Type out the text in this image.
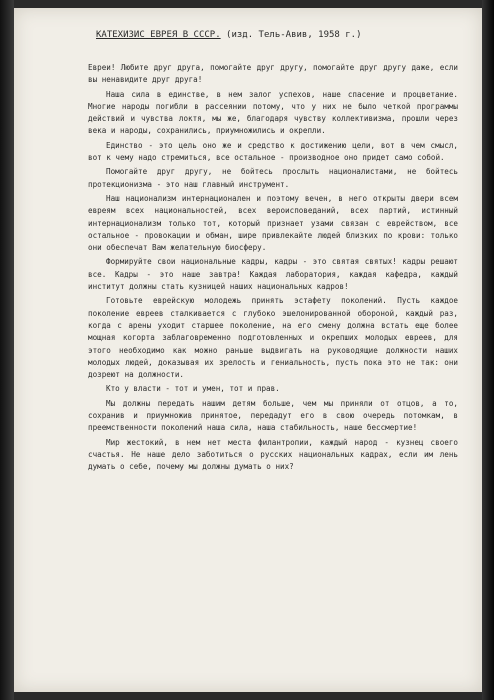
КАТЕХИЗИС ЕВРЕЯ В СССР. (изд. Тель-Авив, 1958 г.)

Евреи! Любите друг друга, помогайте друг другу, помогайте друг другу даже, если вы ненавидите друг друга!

Наша сила в единстве, в нем залог успехов, наше спасение и процветание. Многие народы погибли в рассеянии потому, что у них не было четкой программы действий и чувства локтя, мы же, благодаря чувству коллективизма, прошли через века и народы, сохранились, приумножились и окрепли.

Единство - это цель оно же и средство к достижению цели, вот в чем смысл, вот к чему надо стремиться, все остальное - производное оно придет само собой.

Помогайте друг другу, не бойтесь прослыть националистами, не бойтесь протекционизма - это наш главный инструмент.

Наш национализм интернационален и поэтому вечен, в него открыты двери всем евреям всех национальностей, всех вероисповеданий, всех партий, истинный интернационализм только тот, который признает узами связан с еврейством, все остальное - провокации и обман, шире привлекайте людей близких по крови: только они обеспечат Вам желательную биосферу.

Формируйте свои национальные кадры, кадры - это святая святых! кадры решают все. Кадры - это наше завтра! Каждая лаборатория, каждая кафедра, каждый институт должны стать кузницей наших национальных кадров!

Готовьте еврейскую молодежь принять эстафету поколений. Пусть каждое поколение евреев сталкивается с глубоко эшелонированной обороной, каждый раз, когда с арены уходит старшее поколение, на его смену должна встать еще более мощная когорта заблаговременно подготовленных и окрепших молодых евреев, для этого необходимо как можно раньше выдвигать на руководящие должности наших молодых людей, доказывая их зрелость и гениальность, пусть пока это не так: они дозреют на должности.

Кто у власти - тот и умен, тот и прав.

Мы должны передать нашим детям больше, чем мы приняли от отцов, а то, сохранив и приумножив принятое, передадут его в свою очередь потомкам, в преемственности поколений наша сила, наша стабильность, наше бессмертие!

Мир жестокий, в нем нет места филантропии, каждый народ - кузнец своего счастья. Не наше дело заботиться о русских национальных кадрах, если им лень думать о себе, почему мы должны думать о них?
